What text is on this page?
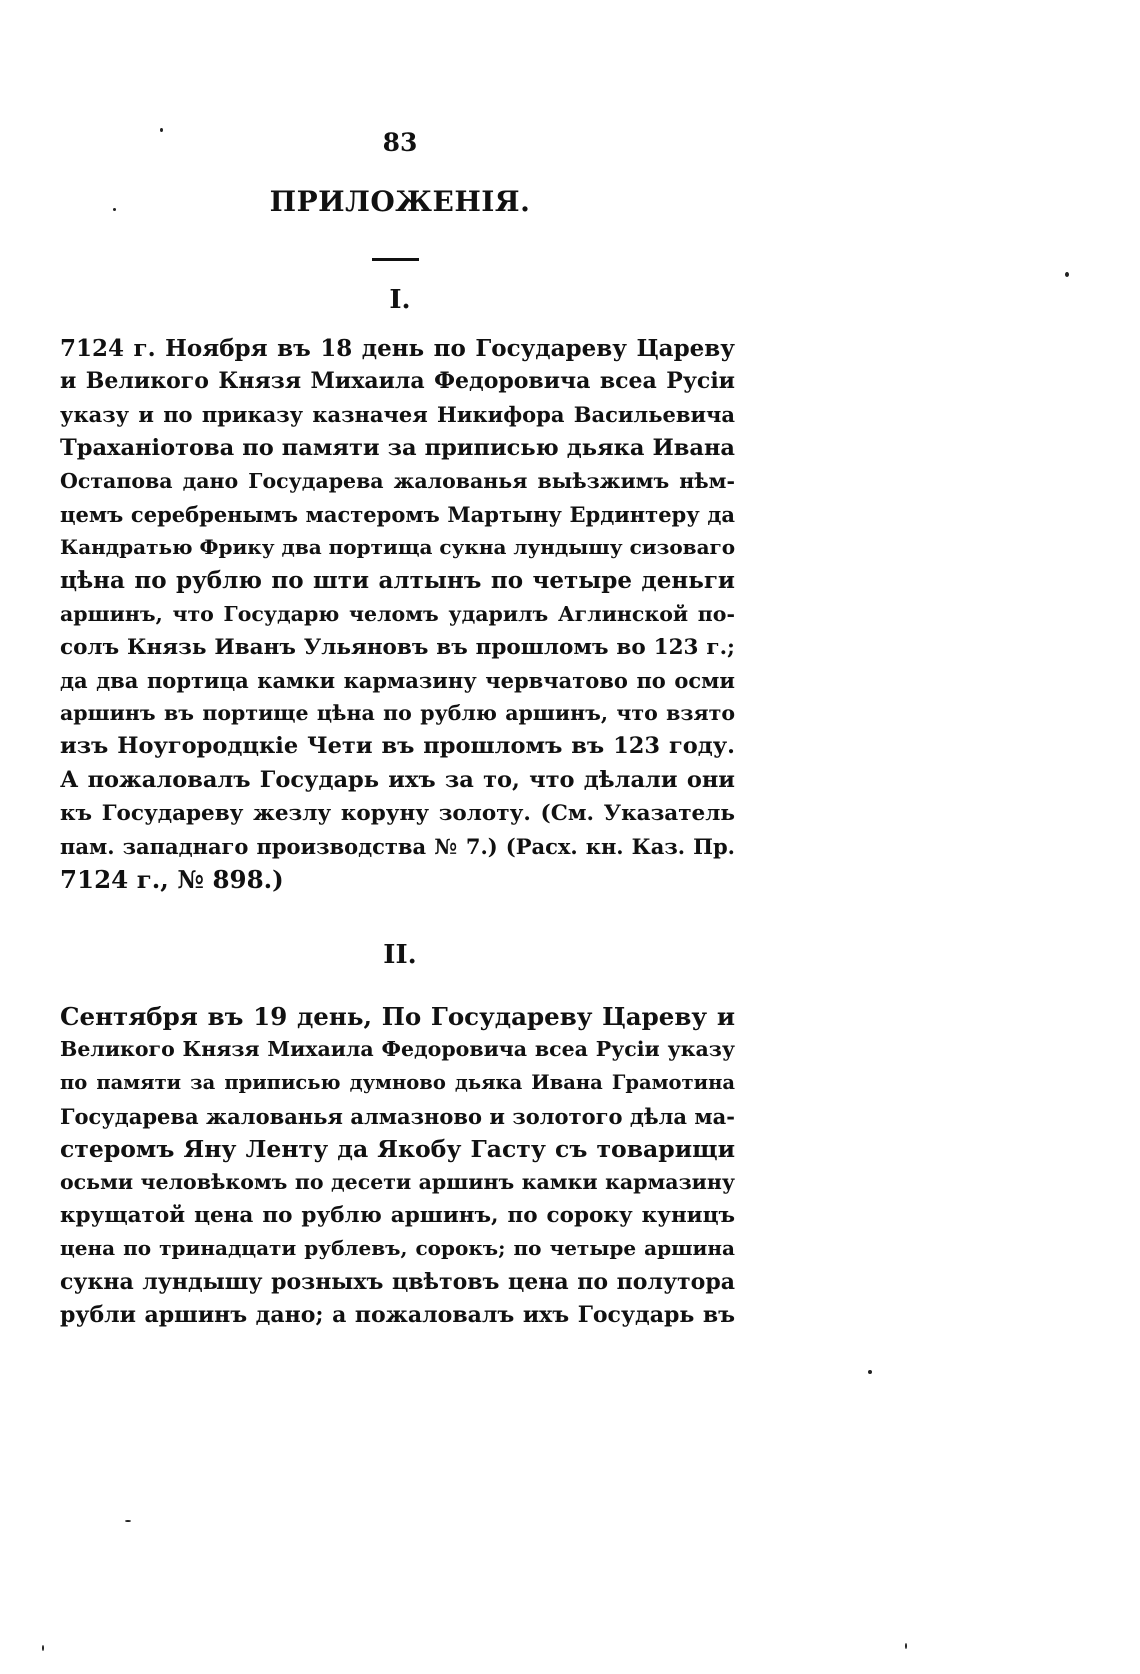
83
ПРИЛОЖЕНІЯ.
I.
7124 г. Ноября въ 18 день по Государеву Цареву
и Великого Князя Михаила Федоровича всеа Русіи
указу и по приказу казначея Никифора Васильевича
Траханіотова по памяти за приписью дьяка Ивана
Остапова дано Государева жалованья выѣзжимъ нѣм-
цемъ серебренымъ мастеромъ Мартыну Ердинтеру да
Кандратью Фрику два портища сукна лундышу сизоваго
цѣна по рублю по шти алтынъ по четыре деньги
аршинъ, что Государю челомъ ударилъ Аглинской по-
солъ Князь Иванъ Ульяновъ въ прошломъ во 123 г.;
да два портица камки кармазину червчатово по осми
аршинъ въ портище цѣна по рублю аршинъ, что взято
изъ Ноугородцкіе Чети въ прошломъ въ 123 году.
А пожаловалъ Государь ихъ за то, что дѣлали они
къ Государеву жезлу коруну золоту. (См. Указатель
пам. западнаго производства № 7.) (Расх. кн. Каз. Пр.
7124 г., № 898.)
II.
Сентября въ 19 день, По Государеву Цареву и
Великого Князя Михаила Федоровича всеа Русіи указу
по памяти за приписью думново дьяка Ивана Грамотина
Государева жалованья алмазново и золотого дѣла ма-
стеромъ Яну Ленту да Якобу Гасту съ товарищи
осьми человѣкомъ по десети аршинъ камки кармазину
крущатой цена по рублю аршинъ, по сороку куницъ
цена по тринадцати рублевъ, сорокъ; по четыре аршина
сукна лундышу розныхъ цвѣтовъ цена по полутора
рубли аршинъ дано; а пожаловалъ ихъ Государь въ
